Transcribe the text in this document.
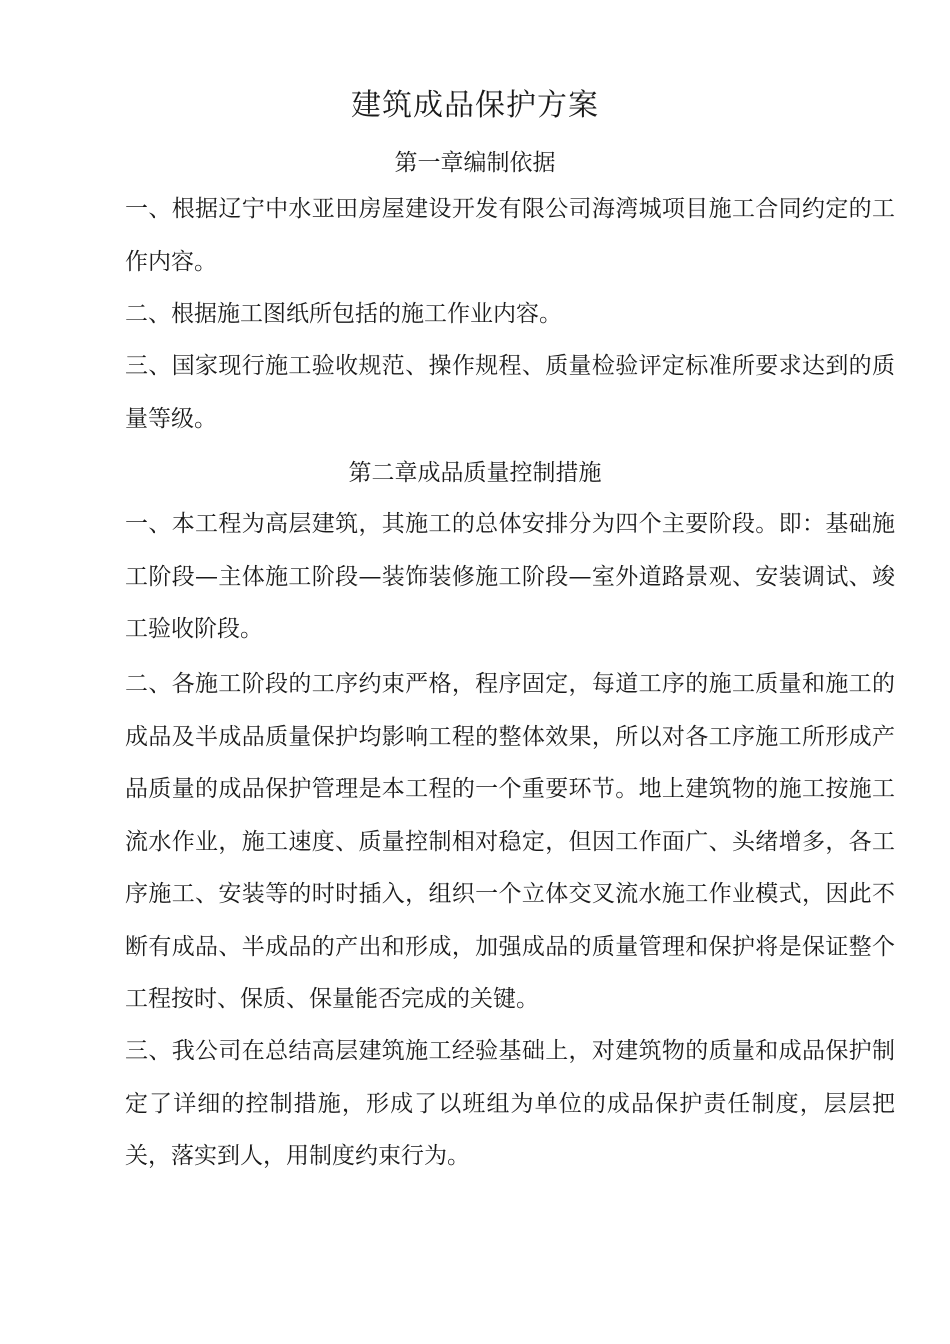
建筑成品保护方案
第一章编制依据
一、根据辽宁中水亚田房屋建设开发有限公司海湾城项目施工合同约定的工作内容。
二、根据施工图纸所包括的施工作业内容。
三、国家现行施工验收规范、操作规程、质量检验评定标准所要求达到的质量等级。
第二章成品质量控制措施
一、本工程为高层建筑，其施工的总体安排分为四个主要阶段。即：基础施工阶段—主体施工阶段—装饰装修施工阶段—室外道路景观、安装调试、竣工验收阶段。
二、各施工阶段的工序约束严格，程序固定，每道工序的施工质量和施工的成品及半成品质量保护均影响工程的整体效果，所以对各工序施工所形成产品质量的成品保护管理是本工程的一个重要环节。地上建筑物的施工按施工流水作业，施工速度、质量控制相对稳定，但因工作面广、头绪增多，各工序施工、安装等的时时插入，组织一个立体交叉流水施工作业模式，因此不断有成品、半成品的产出和形成，加强成品的质量管理和保护将是保证整个工程按时、保质、保量能否完成的关键。
三、我公司在总结高层建筑施工经验基础上，对建筑物的质量和成品保护制定了详细的控制措施，形成了以班组为单位的成品保护责任制度，层层把关，落实到人，用制度约束行为。
